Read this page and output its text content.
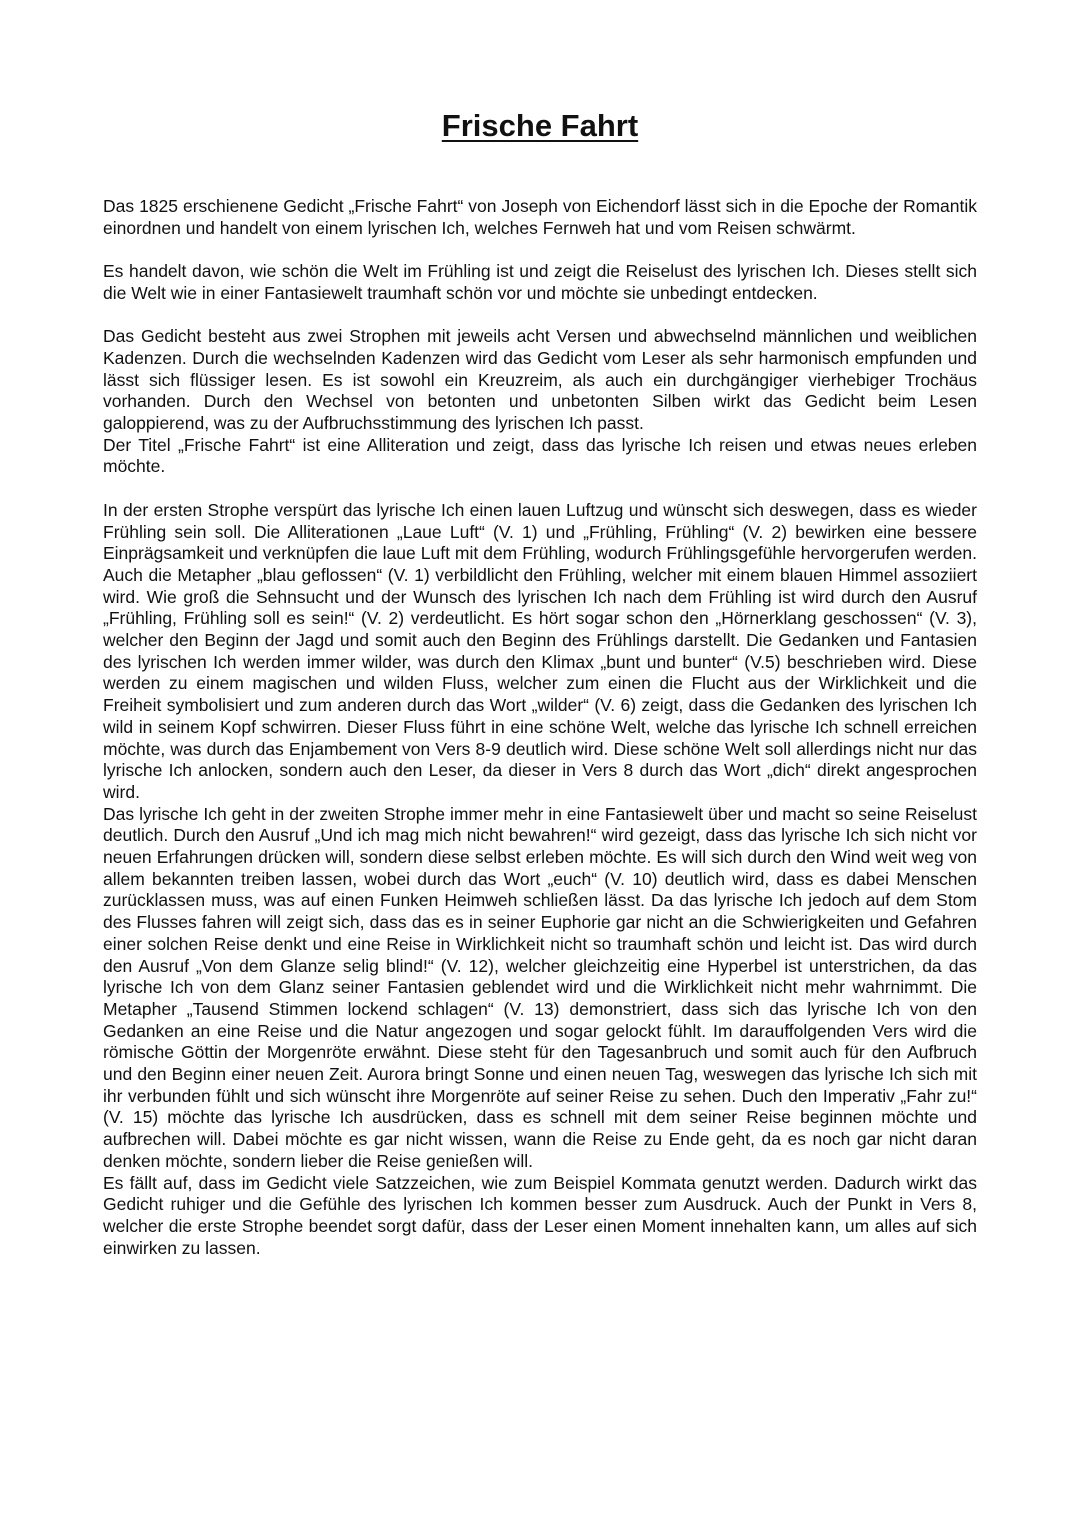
Frische Fahrt

Das 1825 erschienene Gedicht „Frische Fahrt“ von Joseph von Eichendorf lässt sich in die Epoche der Romantik einordnen und handelt von einem lyrischen Ich, welches Fernweh hat und vom Reisen schwärmt.

Es handelt davon, wie schön die Welt im Frühling ist und zeigt die Reiselust des lyrischen Ich. Dieses stellt sich die Welt wie in einer Fantasiewelt traumhaft schön vor und möchte sie unbedingt entdecken.

Das Gedicht besteht aus zwei Strophen mit jeweils acht Versen und abwechselnd männlichen und weiblichen Kadenzen. Durch die wechselnden Kadenzen wird das Gedicht vom Leser als sehr harmonisch empfunden und lässt sich flüssiger lesen. Es ist sowohl ein Kreuzreim, als auch ein durchgängiger vierhebiger Trochäus vorhanden. Durch den Wechsel von betonten und unbetonten Silben wirkt das Gedicht beim Lesen galoppierend, was zu der Aufbruchsstimmung des lyrischen Ich passt.

Der Titel „Frische Fahrt“ ist eine Alliteration und zeigt, dass das lyrische Ich reisen und etwas neues erleben möchte.

In der ersten Strophe verspürt das lyrische Ich einen lauen Luftzug und wünscht sich deswegen, dass es wieder Frühling sein soll. Die Alliterationen „Laue Luft“ (V. 1) und „Frühling, Frühling“ (V. 2) bewirken eine bessere Einprägsamkeit und verknüpfen die laue Luft mit dem Frühling, wodurch Frühlingsgefühle hervorgerufen werden. Auch die Metapher „blau geflossen“ (V. 1) verbildlicht den Frühling, welcher mit einem blauen Himmel assoziiert wird. Wie groß die Sehnsucht und der Wunsch des lyrischen Ich nach dem Frühling ist wird durch den Ausruf „Frühling, Frühling soll es sein!“ (V. 2) verdeutlicht. Es hört sogar schon den „Hörnerklang geschossen“ (V. 3), welcher den Beginn der Jagd und somit auch den Beginn des Frühlings darstellt. Die Gedanken und Fantasien des lyrischen Ich werden immer wilder, was durch den Klimax „bunt und bunter“ (V.5) beschrieben wird. Diese werden zu einem magischen und wilden Fluss, welcher zum einen die Flucht aus der Wirklichkeit und die Freiheit symbolisiert und zum anderen durch das Wort „wilder“ (V. 6) zeigt, dass die Gedanken des lyrischen Ich wild in seinem Kopf schwirren. Dieser Fluss führt in eine schöne Welt, welche das lyrische Ich schnell erreichen möchte, was durch das Enjambement von Vers 8-9 deutlich wird. Diese schöne Welt soll allerdings nicht nur das lyrische Ich anlocken, sondern auch den Leser, da dieser in Vers 8 durch das Wort „dich“ direkt angesprochen wird.

Das lyrische Ich geht in der zweiten Strophe immer mehr in eine Fantasiewelt über und macht so seine Reiselust deutlich. Durch den Ausruf „Und ich mag mich nicht bewahren!“ wird gezeigt, dass das lyrische Ich sich nicht vor neuen Erfahrungen drücken will, sondern diese selbst erleben möchte. Es will sich durch den Wind weit weg von allem bekannten treiben lassen, wobei durch das Wort „euch“ (V. 10) deutlich wird, dass es dabei Menschen zurücklassen muss, was auf einen Funken Heimweh schließen lässt. Da das lyrische Ich jedoch auf dem Stom des Flusses fahren will zeigt sich, dass das es in seiner Euphorie gar nicht an die Schwierigkeiten und Gefahren einer solchen Reise denkt und eine Reise in Wirklichkeit nicht so traumhaft schön und leicht ist. Das wird durch den Ausruf „Von dem Glanze selig blind!“ (V. 12), welcher gleichzeitig eine Hyperbel ist unterstrichen, da das lyrische Ich von dem Glanz seiner Fantasien geblendet wird und die Wirklichkeit nicht mehr wahrnimmt. Die Metapher „Tausend Stimmen lockend schlagen“ (V. 13) demonstriert, dass sich das lyrische Ich von den Gedanken an eine Reise und die Natur angezogen und sogar gelockt fühlt. Im darauffolgenden Vers wird die römische Göttin der Morgenröte erwähnt. Diese steht für den Tagesanbruch und somit auch für den Aufbruch und den Beginn einer neuen Zeit. Aurora bringt Sonne und einen neuen Tag, weswegen das lyrische Ich sich mit ihr verbunden fühlt und sich wünscht ihre Morgenröte auf seiner Reise zu sehen. Duch den Imperativ „Fahr zu!“ (V. 15) möchte das lyrische Ich ausdrücken, dass es schnell mit dem seiner Reise beginnen möchte und aufbrechen will. Dabei möchte es gar nicht wissen, wann die Reise zu Ende geht, da es noch gar nicht daran denken möchte, sondern lieber die Reise genießen will.

Es fällt auf, dass im Gedicht viele Satzzeichen, wie zum Beispiel Kommata genutzt werden. Dadurch wirkt das Gedicht ruhiger und die Gefühle des lyrischen Ich kommen besser zum Ausdruck. Auch der Punkt in Vers 8, welcher die erste Strophe beendet sorgt dafür, dass der Leser einen Moment innehalten kann, um alles auf sich einwirken zu lassen.
